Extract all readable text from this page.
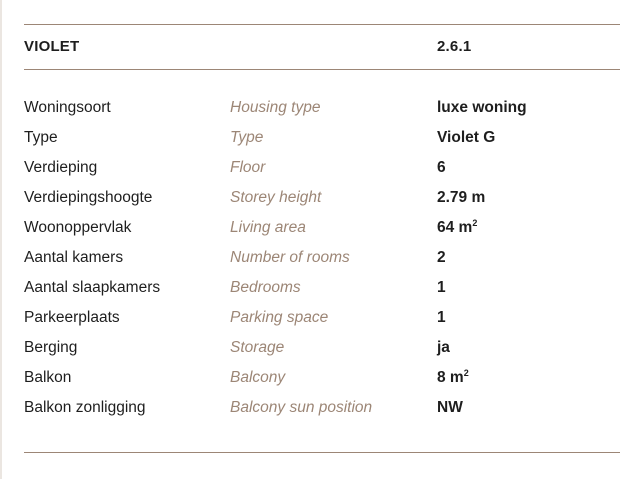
VIOLET	2.6.1
Woningsoort	Housing type	luxe woning
Type	Type	Violet G
Verdieping	Floor	6
Verdiepingshoogte	Storey height	2.79 m
Woonoppervlak	Living area	64 $m^2$
Aantal kamers	Number of rooms	2
Aantal slaapkamers	Bedrooms	1
Parkeerplaats	Parking space	1
Berging	Storage	ja
Balkon	Balcony	8 $m^2$
Balkon zonligging	Balcony sun position	NW
